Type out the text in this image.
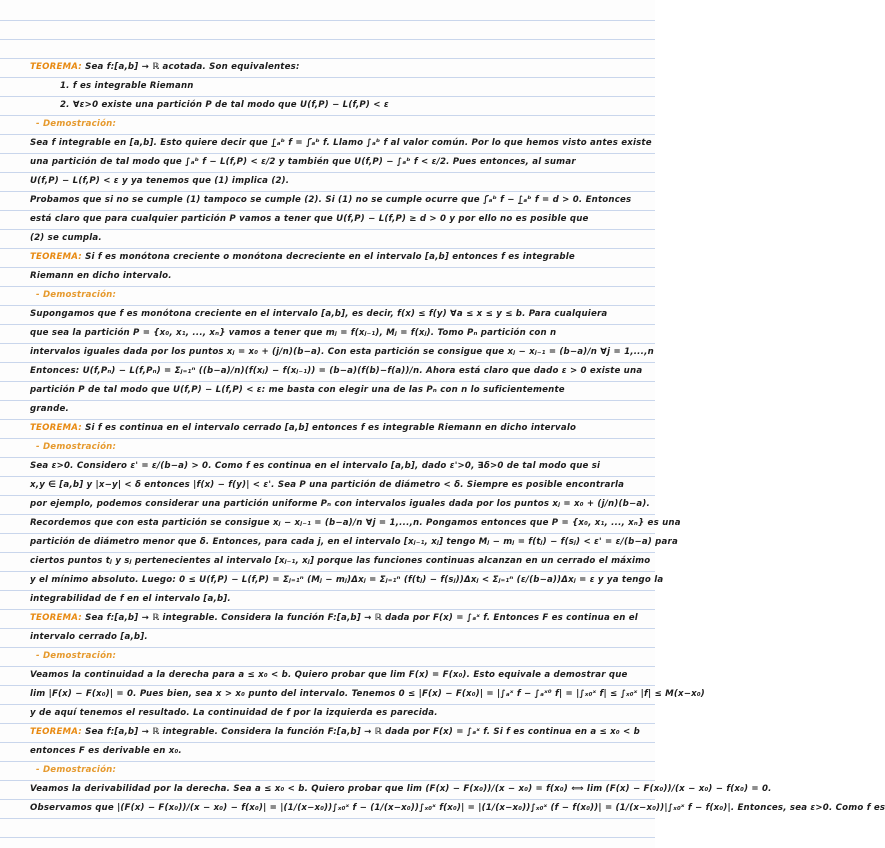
TEOREMA: Sea f:[a,b] → ℝ acotada. Son equivalentes:
1. f es integrable Riemann
2. ∀ε>0 existe una partición P de tal modo que U(f,P) − L(f,P) < ε
- Demostración:
Sea f integrable en [a,b]. Esto quiere decir que ∫̲ₐᵇ f = ∫̄ₐᵇ f. Llamo ∫ₐᵇ f al valor común. Por lo que hemos visto antes existe
una partición de tal modo que ∫ₐᵇ f − L(f,P) < ε/2 y también que U(f,P) − ∫ₐᵇ f < ε/2. Pues entonces, al sumar
U(f,P) − L(f,P) < ε y ya tenemos que (1) implica (2).
Probamos que si no se cumple (1) tampoco se cumple (2). Si (1) no se cumple ocurre que ∫̄ₐᵇ f − ∫̲ₐᵇ f = d > 0. Entonces
está claro que para cualquier partición P vamos a tener que U(f,P) − L(f,P) ≥ d > 0 y por ello no es posible que
(2) se cumpla.
TEOREMA: Si f es monótona creciente o monótona decreciente en el intervalo [a,b] entonces f es integrable
Riemann en dicho intervalo.
- Demostración:
Supongamos que f es monótona creciente en el intervalo [a,b], es decir, f(x) ≤ f(y) ∀a ≤ x ≤ y ≤ b. Para cualquiera
que sea la partición P = {x₀, x₁, ..., xₙ} vamos a tener que mⱼ = f(xⱼ₋₁), Mⱼ = f(xⱼ). Tomo Pₙ partición con n
intervalos iguales dada por los puntos xⱼ = x₀ + (j/n)(b−a). Con esta partición se consigue que xⱼ − xⱼ₋₁ = (b−a)/n ∀j = 1,...,n
Entonces: U(f,Pₙ) − L(f,Pₙ) = Σⱼ₌₁ⁿ ((b−a)/n)(f(xⱼ) − f(xⱼ₋₁)) = (b−a)(f(b)−f(a))/n. Ahora está claro que dado ε > 0 existe una
partición P de tal modo que U(f,P) − L(f,P) < ε: me basta con elegir una de las Pₙ con n lo suficientemente
grande.
TEOREMA: Si f es continua en el intervalo cerrado [a,b] entonces f es integrable Riemann en dicho intervalo
- Demostración:
Sea ε>0. Considero ε' = ε/(b−a) > 0. Como f es continua en el intervalo [a,b], dado ε'>0, ∃δ>0 de tal modo que si
x,y ∈ [a,b] y |x−y| < δ entonces |f(x) − f(y)| < ε'. Sea P una partición de diámetro < δ. Siempre es posible encontrarla
por ejemplo, podemos considerar una partición uniforme Pₙ con intervalos iguales dada por los puntos xⱼ = x₀ + (j/n)(b−a).
Recordemos que con esta partición se consigue xⱼ − xⱼ₋₁ = (b−a)/n ∀j = 1,...,n. Pongamos entonces que P = {x₀, x₁, ..., xₙ} es una
partición de diámetro menor que δ. Entonces, para cada j, en el intervalo [xⱼ₋₁, xⱼ] tengo Mⱼ − mⱼ = f(tⱼ) − f(sⱼ) < ε' = ε/(b−a) para
ciertos puntos tⱼ y sⱼ pertenecientes al intervalo [xⱼ₋₁, xⱼ] porque las funciones continuas alcanzan en un cerrado el máximo
y el mínimo absoluto. Luego: 0 ≤ U(f,P) − L(f,P) = Σⱼ₌₁ⁿ (Mⱼ − mⱼ)Δxⱼ = Σⱼ₌₁ⁿ (f(tⱼ) − f(sⱼ))Δxⱼ < Σⱼ₌₁ⁿ (ε/(b−a))Δxⱼ = ε y ya tengo la
integrabilidad de f en el intervalo [a,b].
TEOREMA: Sea f:[a,b] → ℝ integrable. Considera la función F:[a,b] → ℝ dada por F(x) = ∫ₐˣ f. Entonces F es continua en el
intervalo cerrado [a,b].
- Demostración:
Veamos la continuidad a la derecha para a ≤ x₀ < b. Quiero probar que lim F(x) = F(x₀). Esto equivale a demostrar que
lim |F(x) − F(x₀)| = 0. Pues bien, sea x > x₀ punto del intervalo. Tenemos 0 ≤ |F(x) − F(x₀)| = |∫ₐˣ f − ∫ₐˣ⁰ f| = |∫ₓ₀ˣ f| ≤ ∫ₓ₀ˣ |f| ≤ M(x−x₀)
y de aquí tenemos el resultado. La continuidad de f por la izquierda es parecida.
TEOREMA: Sea f:[a,b] → ℝ integrable. Considera la función F:[a,b] → ℝ dada por F(x) = ∫ₐˣ f. Si f es continua en a ≤ x₀ < b
entonces F es derivable en x₀.
- Demostración:
Veamos la derivabilidad por la derecha. Sea a ≤ x₀ < b. Quiero probar que lim (F(x) − F(x₀))/(x − x₀) = f(x₀) ⟺ lim (F(x) − F(x₀))/(x − x₀) − f(x₀) = 0.
Observamos que |(F(x) − F(x₀))/(x − x₀) − f(x₀)| = |(1/(x−x₀))∫ₓ₀ˣ f − (1/(x−x₀))∫ₓ₀ˣ f(x₀)| = |(1/(x−x₀))∫ₓ₀ˣ (f − f(x₀))| = (1/(x−x₀))|∫ₓ₀ˣ f − f(x₀)|. Entonces, sea ε>0. Como f es
